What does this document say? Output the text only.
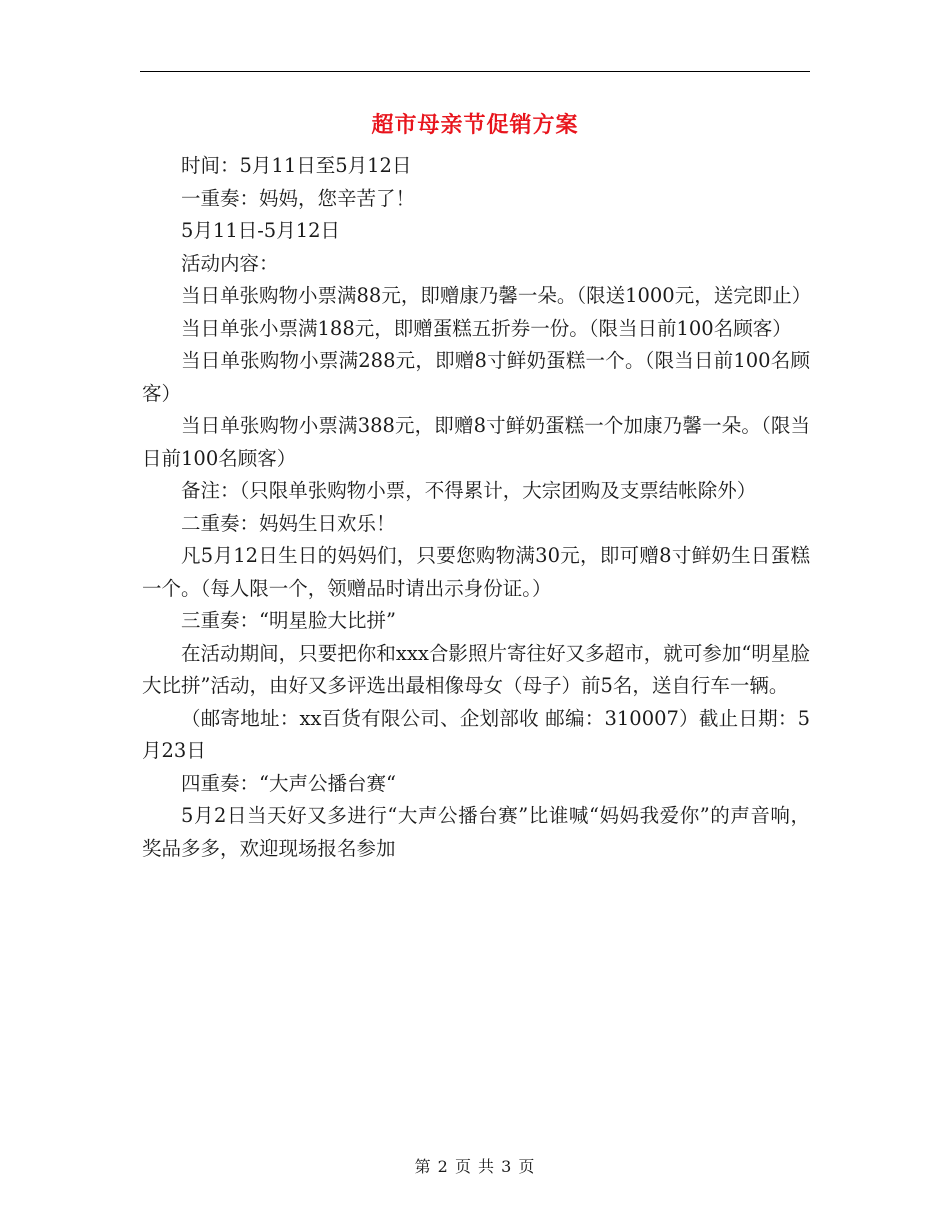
超市母亲节促销方案

时间：5月11日至5月12日

一重奏：妈妈，您辛苦了！

5月11日-5月12日

活动内容：

当日单张购物小票满88元，即赠康乃馨一朵。（限送1000元，送完即止）

当日单张小票满188元，即赠蛋糕五折券一份。（限当日前100名顾客）

当日单张购物小票满288元，即赠8寸鲜奶蛋糕一个。（限当日前100名顾客）

当日单张购物小票满388元，即赠8寸鲜奶蛋糕一个加康乃馨一朵。（限当日前100名顾客）

备注：（只限单张购物小票，不得累计，大宗团购及支票结帐除外）

二重奏：妈妈生日欢乐！

凡5月12日生日的妈妈们，只要您购物满30元，即可赠8寸鲜奶生日蛋糕一个。（每人限一个，领赠品时请出示身份证。）

三重奏：“明星脸大比拼”

在活动期间，只要把你和xxx合影照片寄往好又多超市，就可参加“明星脸大比拼”活动，由好又多评选出最相像母女（母子）前5名，送自行车一辆。

（邮寄地址：xx百货有限公司、企划部收 邮编：310007）截止日期：5月23日

四重奏：“大声公播台赛“

5月2日当天好又多进行“大声公播台赛”比谁喊“妈妈我爱你”的声音响，奖品多多，欢迎现场报名参加

第 2 页 共 3 页
